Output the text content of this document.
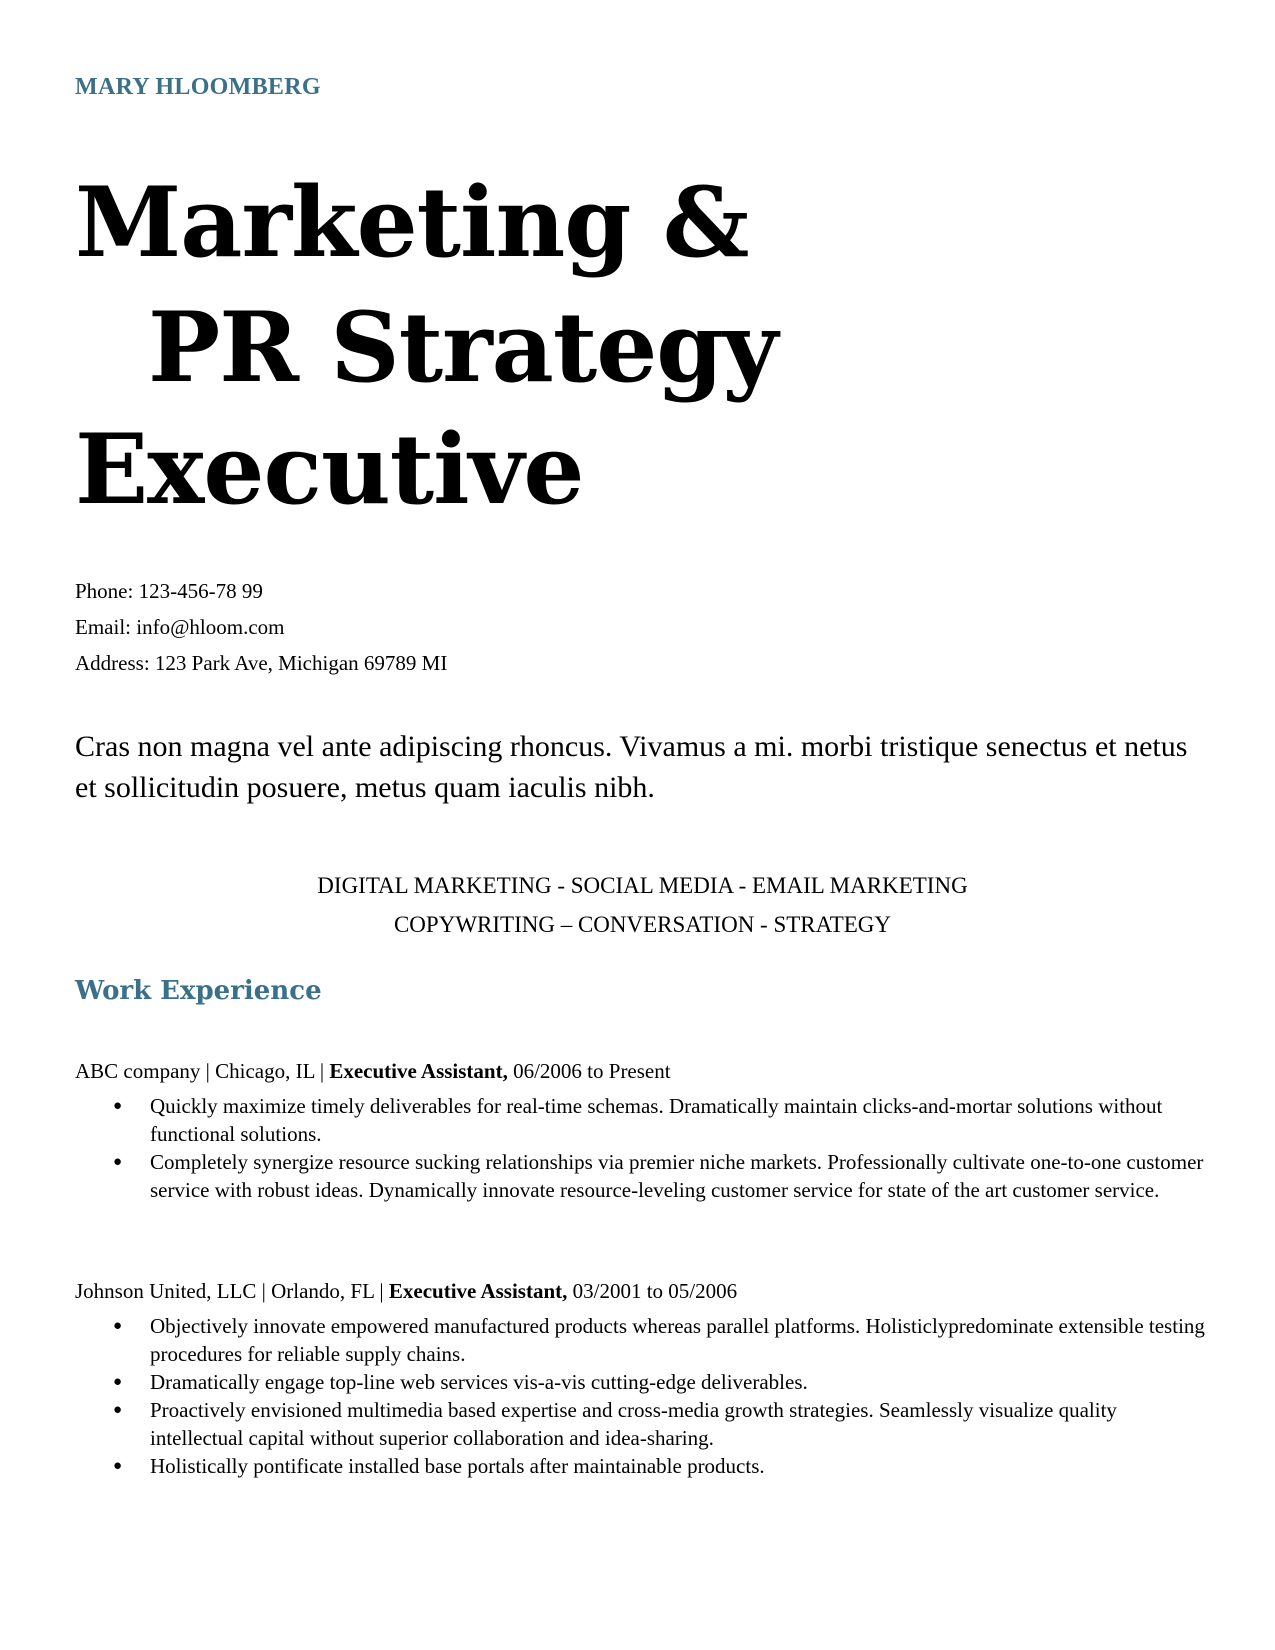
MARY HLOOMBERG
Marketing &
PR Strategy
Executive
Phone: 123-456-78 99
Email: info@hloom.com
Address: 123 Park Ave, Michigan 69789 MI
Cras non magna vel ante adipiscing rhoncus. Vivamus a mi. morbi tristique senectus et netus et sollicitudin posuere, metus quam iaculis nibh.
DIGITAL MARKETING - SOCIAL MEDIA - EMAIL MARKETING
COPYWRITING – CONVERSATION - STRATEGY
Work Experience
ABC company | Chicago, IL | Executive Assistant, 06/2006 to Present
● Quickly maximize timely deliverables for real-time schemas. Dramatically maintain clicks-and-mortar solutions without functional solutions.
● Completely synergize resource sucking relationships via premier niche markets. Professionally cultivate one-to-one customer service with robust ideas. Dynamically innovate resource-leveling customer service for state of the art customer service.
Johnson United, LLC | Orlando, FL | Executive Assistant, 03/2001 to 05/2006
● Objectively innovate empowered manufactured products whereas parallel platforms. Holisticlypredominate extensible testing procedures for reliable supply chains.
● Dramatically engage top-line web services vis-a-vis cutting-edge deliverables.
● Proactively envisioned multimedia based expertise and cross-media growth strategies. Seamlessly visualize quality intellectual capital without superior collaboration and idea-sharing.
● Holistically pontificate installed base portals after maintainable products.
